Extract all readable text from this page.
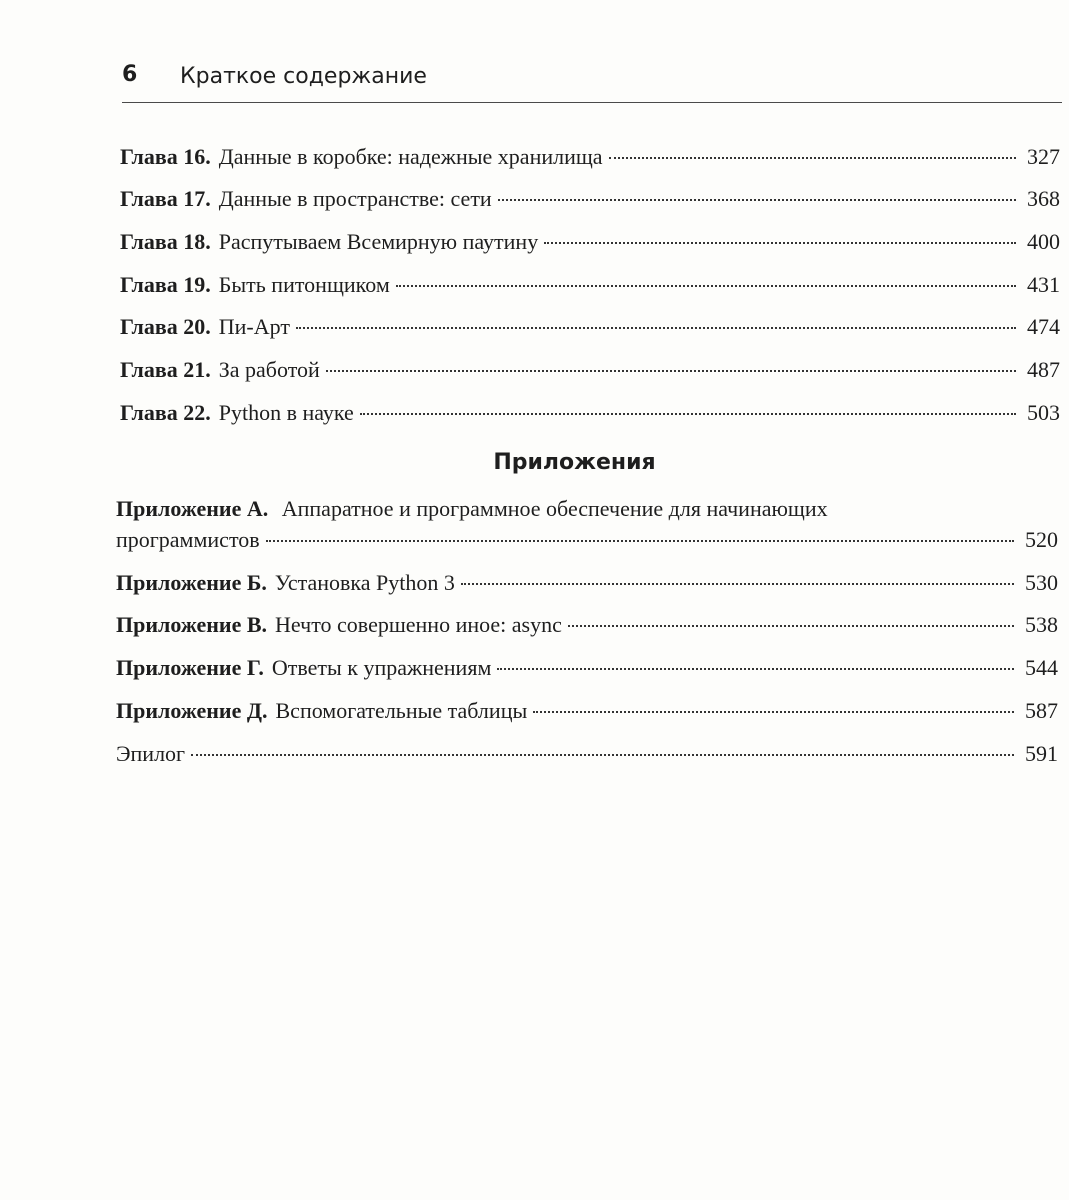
6 Краткое содержание
Глава 16. Данные в коробке: надежные хранилища	327
Глава 17. Данные в пространстве: сети	368
Глава 18. Распутываем Всемирную паутину	400
Глава 19. Быть питонщиком	431
Глава 20. Пи-Арт	474
Глава 21. За работой	487
Глава 22. Python в науке	503
Приложения
Приложение А. Аппаратное и программное обеспечение для начинающих
программистов	520
Приложение Б. Установка Python 3	530
Приложение В. Нечто совершенно иное: async	538
Приложение Г. Ответы к упражнениям	544
Приложение Д. Вспомогательные таблицы	587
Эпилог	591
